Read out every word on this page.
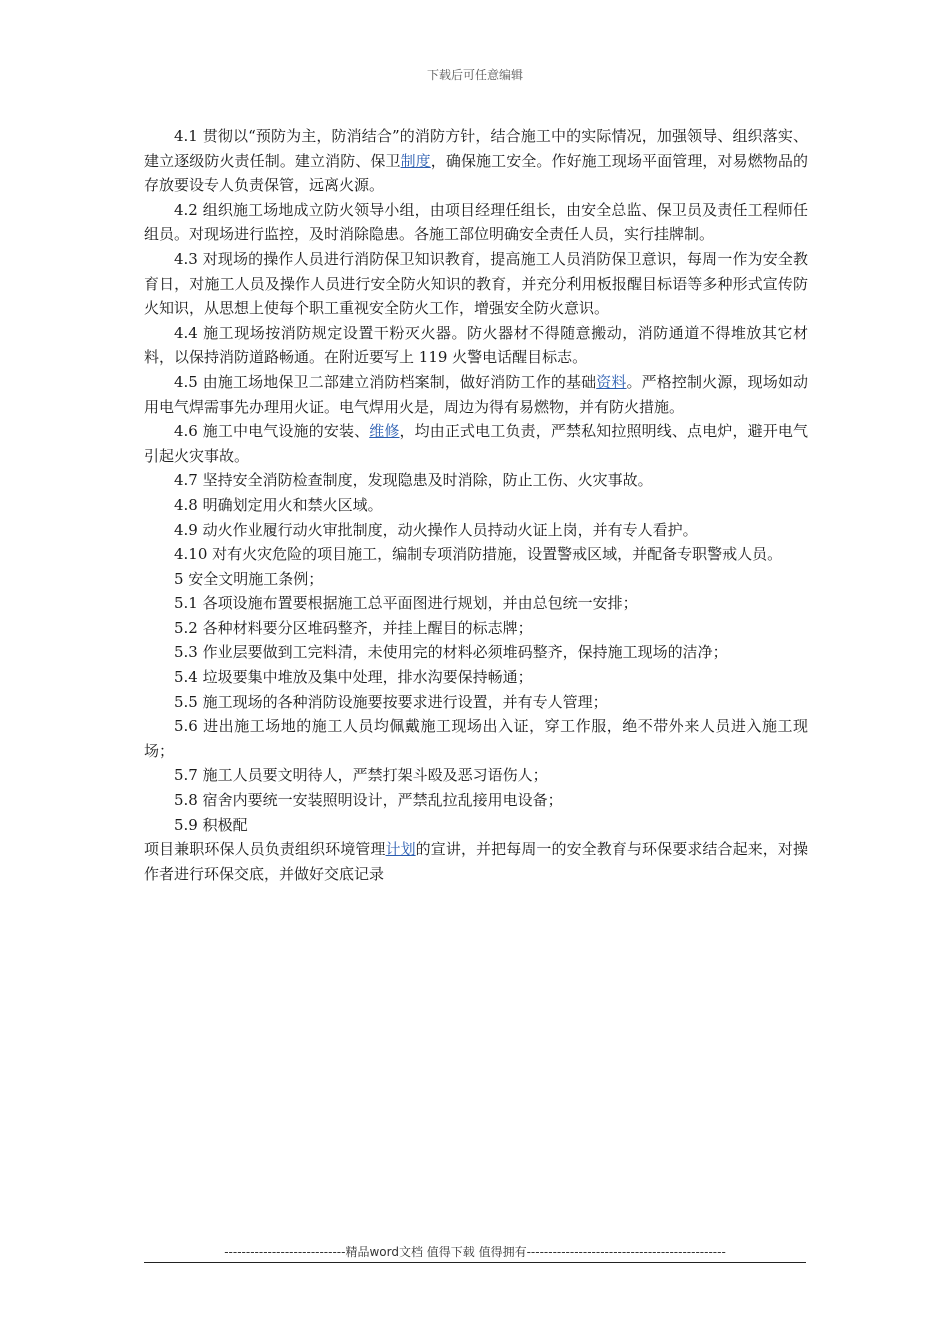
下载后可任意编辑

4.1 贯彻以“预防为主，防消结合”的消防方针，结合施工中的实际情况，加强领导、组织落实、建立逐级防火责任制。建立消防、保卫制度，确保施工安全。作好施工现场平面管理，对易燃物品的存放要设专人负责保管，远离火源。

4.2 组织施工场地成立防火领导小组，由项目经理任组长，由安全总监、保卫员及责任工程师任组员。对现场进行监控，及时消除隐患。各施工部位明确安全责任人员，实行挂牌制。

4.3 对现场的操作人员进行消防保卫知识教育，提高施工人员消防保卫意识，每周一作为安全教育日，对施工人员及操作人员进行安全防火知识的教育，并充分利用板报醒目标语等多种形式宣传防火知识，从思想上使每个职工重视安全防火工作，增强安全防火意识。

4.4 施工现场按消防规定设置干粉灭火器。防火器材不得随意搬动，消防通道不得堆放其它材料，以保持消防道路畅通。在附近要写上 119 火警电话醒目标志。

4.5 由施工场地保卫二部建立消防档案制，做好消防工作的基础资料。严格控制火源，现场如动用电气焊需事先办理用火证。电气焊用火是，周边为得有易燃物，并有防火措施。

4.6 施工中电气设施的安装、维修，均由正式电工负责，严禁私知拉照明线、点电炉，避开电气引起火灾事故。

4.7 坚持安全消防检查制度，发现隐患及时消除，防止工伤、火灾事故。

4.8 明确划定用火和禁火区域。

4.9 动火作业履行动火审批制度，动火操作人员持动火证上岗，并有专人看护。

4.10 对有火灾危险的项目施工，编制专项消防措施，设置警戒区域，并配备专职警戒人员。

5 安全文明施工条例；

5.1 各项设施布置要根据施工总平面图进行规划，并由总包统一安排；

5.2 各种材料要分区堆码整齐，并挂上醒目的标志牌；

5.3 作业层要做到工完料清，未使用完的材料必须堆码整齐，保持施工现场的洁净；

5.4 垃圾要集中堆放及集中处理，排水沟要保持畅通；

5.5 施工现场的各种消防设施要按要求进行设置，并有专人管理；

5.6 进出施工场地的施工人员均佩戴施工现场出入证，穿工作服，绝不带外来人员进入施工现场；

5.7 施工人员要文明待人，严禁打架斗殴及恶习语伤人；

5.8 宿舍内要统一安装照明设计，严禁乱拉乱接用电设备；

5.9 积极配

项目兼职环保人员负责组织环境管理计划的宣讲，并把每周一的安全教育与环保要求结合起来，对操作者进行环保交底，并做好交底记录

----------------------------精品word文档 值得下载 值得拥有----------------------------------------------
